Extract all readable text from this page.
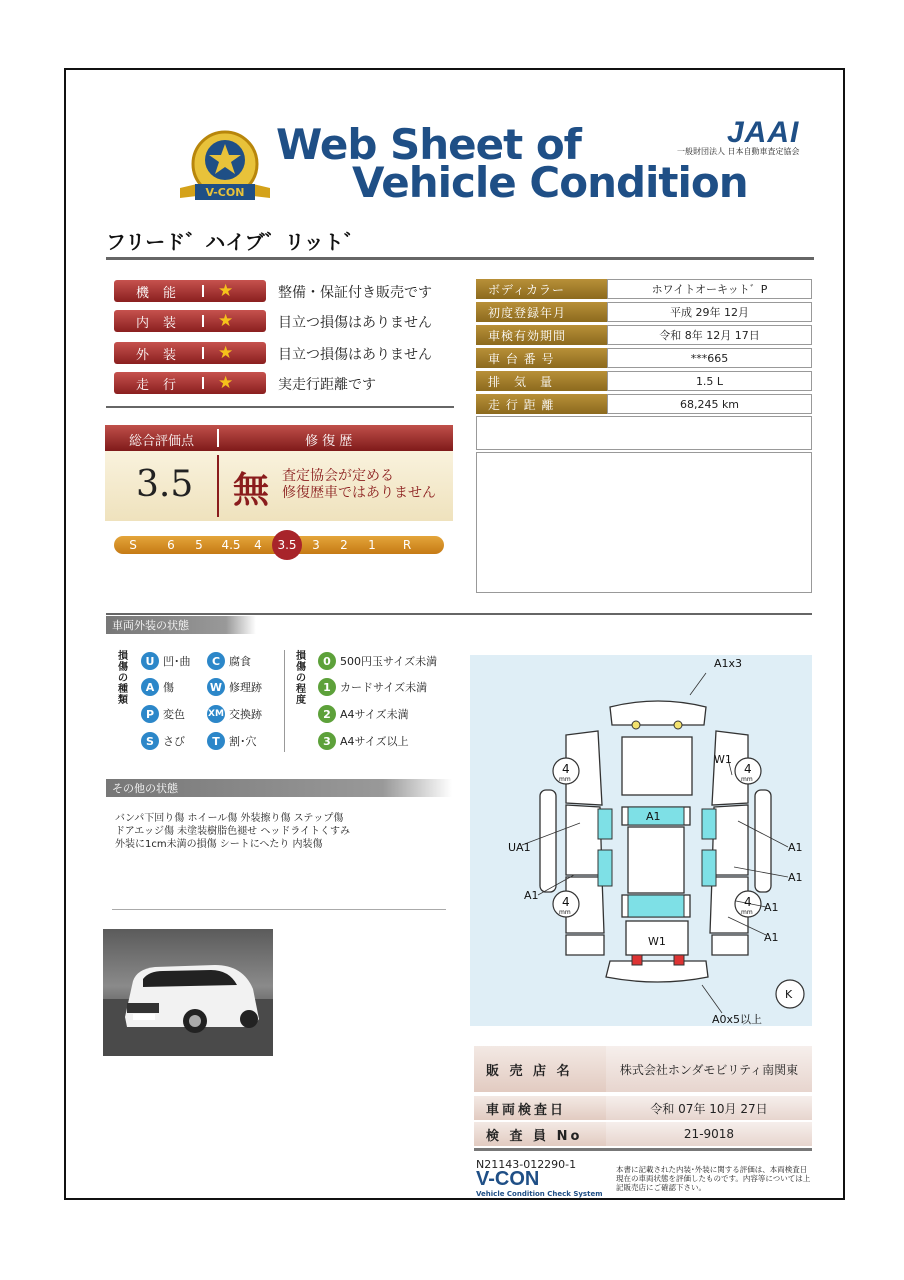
V-CON
Web Sheet of
Vehicle Condition
JAAI
一般財団法人 日本自動車査定協会
フリード゛ハイブ゛リット゛
機能	★	整備・保証付き販売です
内装	★	目立つ損傷はありません
外装	★	目立つ損傷はありません
走行	★	実走行距離です
ボディカラー	ホワイトオーキット゛P
初度登録年月	平成 29年 12月
車検有効期間	令和 8年 12月 17日
車 台 番 号	***665
排　気　量	1.5 L
走 行 距 離	68,245 km
総合評価点	修 復 歴
3.5 無 査定協会が定める
修復歴車ではありません
S	6	5	4.5	4	3.5	3	2	1	R
車両外装の状態
損傷の種類
U 凹･曲	C 腐食
A 傷	W 修理跡
P 変色	XM 交換跡
S さび	T 割･穴
損傷の程度
0 500円玉サイズ未満
1 カードサイズ未満
2 A4サイズ未満
3 A4サイズ以上
その他の状態
バンパ下回り傷 ホイール傷 外装擦り傷 ステップ傷
ドアエッジ傷 未塗装樹脂色褪せ ヘッドライトくすみ
外装に1cm未満の損傷 シートにへたり 内装傷
A1x3
W1
UA1
A1
A1
A1
A1
A1
A1
W1
A0x5以上
K
4	4
4	4
mm	mm
mm	mm
販 売 店 名	株式会社ホンダモビリティ南関東
車両検査日	令和 07年 10月 27日
検 査 員 No	21-9018
N21143-012290-1
V-CON
Vehicle Condition Check System
本書に記載された内装･外装に関する評価は、本両検査日現在の車両状態を評価したものです。内容等については上記販売店にご確認下さい。
